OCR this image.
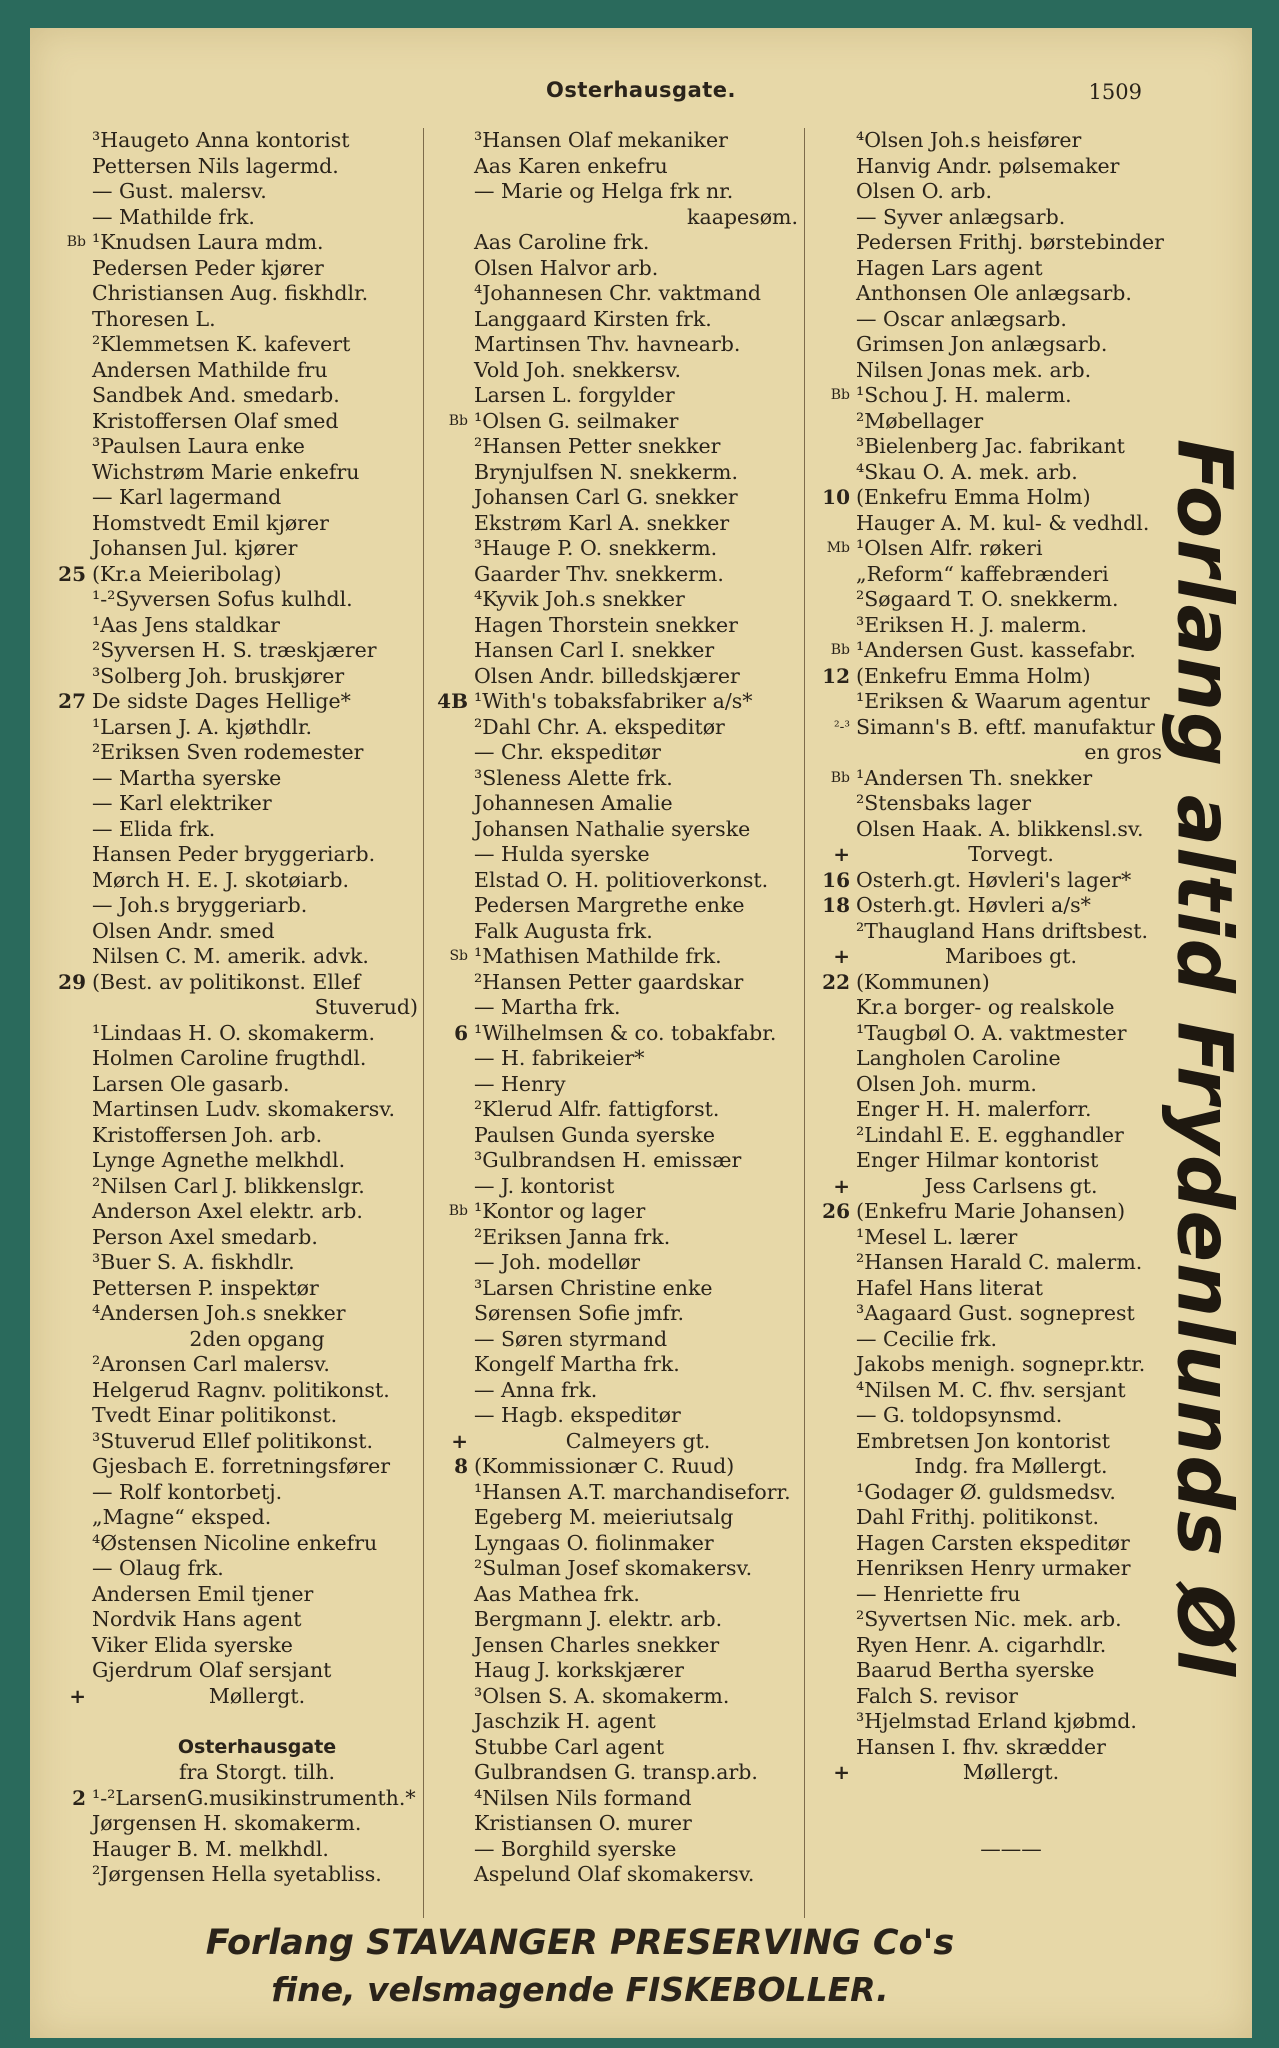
Osterhausgate.	1509
³Haugeto Anna kontorist
Pettersen Nils lagermd.
— Gust. malersv.
— Mathilde frk.
Bb ¹Knudsen Laura mdm.
Pedersen Peder kjører
Christiansen Aug. fiskhdlr.
Thoresen L.
²Klemmetsen K. kafevert
Andersen Mathilde fru
Sandbek And. smedarb.
Kristoffersen Olaf smed
³Paulsen Laura enke
Wichstrøm Marie enkefru
— Karl lagermand
Homstvedt Emil kjører
Johansen Jul. kjører
25 (Kr.a Meieribolag)
¹-²Syversen Sofus kulhdl.
¹Aas Jens staldkar
²Syversen H. S. træskjærer
³Solberg Joh. bruskjører
27 De sidste Dages Hellige*
¹Larsen J. A. kjøthdlr.
²Eriksen Sven rodemester
— Martha syerske
— Karl elektriker
— Elida frk.
Hansen Peder bryggeriarb.
Mørch H. E. J. skotøiarb.
— Joh.s bryggeriarb.
Olsen Andr. smed
Nilsen C. M. amerik. advk.
29 (Best. av politikonst. Ellef
Stuverud)
¹Lindaas H. O. skomakerm.
Holmen Caroline frugthdl.
Larsen Ole gasarb.
Martinsen Ludv. skomakersv.
Kristoffersen Joh. arb.
Lynge Agnethe melkhdl.
²Nilsen Carl J. blikkenslgr.
Anderson Axel elektr. arb.
Person Axel smedarb.
³Buer S. A. fiskhdlr.
Pettersen P. inspektør
⁴Andersen Joh.s snekker
2den opgang
²Aronsen Carl malersv.
Helgerud Ragnv. politikonst.
Tvedt Einar politikonst.
³Stuverud Ellef politikonst.
Gjesbach E. forretningsfører
— Rolf kontorbetj.
„Magne“ eksped.
⁴Østensen Nicoline enkefru
— Olaug frk.
Andersen Emil tjener
Nordvik Hans agent
Viker Elida syerske
Gjerdrum Olaf sersjant
+	Møllergt.
Osterhausgate
fra Storgt. tilh.
2 ¹-²LarsenG.musikinstrumenth.*
Jørgensen H. skomakerm.
Hauger B. M. melkhdl.
²Jørgensen Hella syetabliss.
³Hansen Olaf mekaniker
Aas Karen enkefru
— Marie og Helga frk nr.
kaapesøm.
Aas Caroline frk.
Olsen Halvor arb.
⁴Johannesen Chr. vaktmand
Langgaard Kirsten frk.
Martinsen Thv. havnearb.
Vold Joh. snekkersv.
Larsen L. forgylder
Bb ¹Olsen G. seilmaker
²Hansen Petter snekker
Brynjulfsen N. snekkerm.
Johansen Carl G. snekker
Ekstrøm Karl A. snekker
³Hauge P. O. snekkerm.
Gaarder Thv. snekkerm.
⁴Kyvik Joh.s snekker
Hagen Thorstein snekker
Hansen Carl I. snekker
Olsen Andr. billedskjærer
4B ¹With's tobaksfabriker a/s*
²Dahl Chr. A. ekspeditør
— Chr. ekspeditør
³Sleness Alette frk.
Johannesen Amalie
Johansen Nathalie syerske
— Hulda syerske
Elstad O. H. politioverkonst.
Pedersen Margrethe enke
Falk Augusta frk.
Sb ¹Mathisen Mathilde frk.
²Hansen Petter gaardskar
— Martha frk.
6 ¹Wilhelmsen & co. tobakfabr.
— H. fabrikeier*
— Henry
²Klerud Alfr. fattigforst.
Paulsen Gunda syerske
³Gulbrandsen H. emissær
— J. kontorist
Bb ¹Kontor og lager
²Eriksen Janna frk.
— Joh. modellør
³Larsen Christine enke
Sørensen Sofie jmfr.
— Søren styrmand
Kongelf Martha frk.
— Anna frk.
— Hagb. ekspeditør
+	Calmeyers gt.
8 (Kommissionær C. Ruud)
¹Hansen A.T. marchandiseforr.
Egeberg M. meieriutsalg
Lyngaas O. fiolinmaker
²Sulman Josef skomakersv.
Aas Mathea frk.
Bergmann J. elektr. arb.
Jensen Charles snekker
Haug J. korkskjærer
³Olsen S. A. skomakerm.
Jaschzik H. agent
Stubbe Carl agent
Gulbrandsen G. transp.arb.
⁴Nilsen Nils formand
Kristiansen O. murer
— Borghild syerske
Aspelund Olaf skomakersv.
⁴Olsen Joh.s heisfører
Hanvig Andr. pølsemaker
Olsen O. arb.
— Syver anlægsarb.
Pedersen Frithj. børstebinder
Hagen Lars agent
Anthonsen Ole anlægsarb.
— Oscar anlægsarb.
Grimsen Jon anlægsarb.
Nilsen Jonas mek. arb.
Bb ¹Schou J. H. malerm.
²Møbellager
³Bielenberg Jac. fabrikant
⁴Skau O. A. mek. arb.
10 (Enkefru Emma Holm)
Hauger A. M. kul- & vedhdl.
Mb ¹Olsen Alfr. røkeri
„Reform“ kaffebrænderi
²Søgaard T. O. snekkerm.
³Eriksen H. J. malerm.
Bb ¹Andersen Gust. kassefabr.
12 (Enkefru Emma Holm)
¹Eriksen & Waarum agentur
²-³ Simann's B. eftf. manufaktur
en gros
Bb ¹Andersen Th. snekker
²Stensbaks lager
Olsen Haak. A. blikkensl.sv.
+	Torvegt.
16 Osterh.gt. Høvleri's lager*
18 Osterh.gt. Høvleri a/s*
²Thaugland Hans driftsbest.
+	Mariboes gt.
22 (Kommunen)
Kr.a borger- og realskole
¹Taugbøl O. A. vaktmester
Langholen Caroline
Olsen Joh. murm.
Enger H. H. malerforr.
²Lindahl E. E. egghandler
Enger Hilmar kontorist
+	Jess Carlsens gt.
26 (Enkefru Marie Johansen)
¹Mesel L. lærer
²Hansen Harald C. malerm.
Hafel Hans literat
³Aagaard Gust. sogneprest
— Cecilie frk.
Jakobs menigh. sognepr.ktr.
⁴Nilsen M. C. fhv. sersjant
— G. toldopsynsmd.
Embretsen Jon kontorist
Indg. fra Møllergt.
¹Godager Ø. guldsmedsv.
Dahl Frithj. politikonst.
Hagen Carsten ekspeditør
Henriksen Henry urmaker
— Henriette fru
²Syvertsen Nic. mek. arb.
Ryen Henr. A. cigarhdlr.
Baarud Bertha syerske
Falch S. revisor
³Hjelmstad Erland kjøbmd.
Hansen I. fhv. skrædder
+	Møllergt.
———
Forlang altid Frydenlunds Øl
Forlang STAVANGER PRESERVING Co's
fine, velsmagende FISKEBOLLER.
